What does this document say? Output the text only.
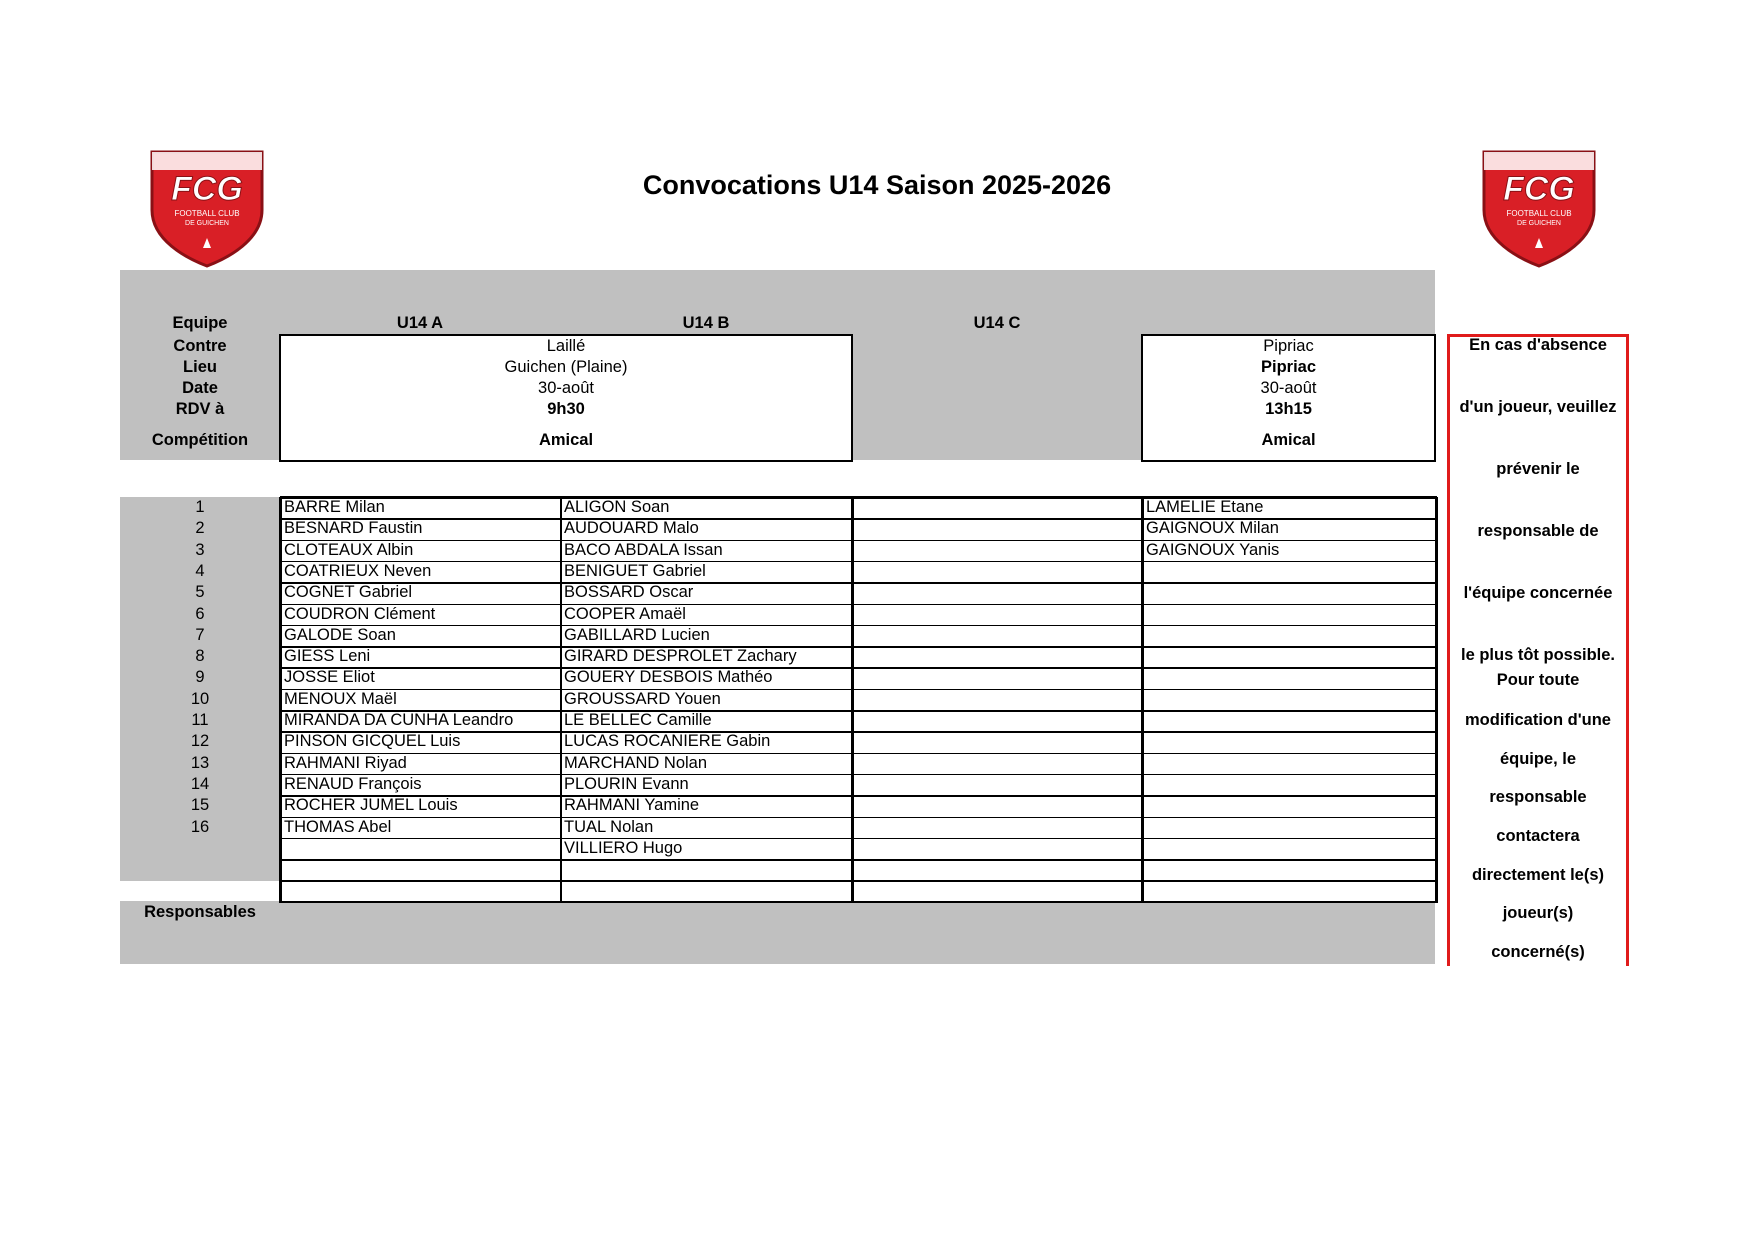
FCG
FOOTBALL CLUB
DE GUICHEN
FCG
FOOTBALL CLUB
DE GUICHEN
Convocations U14 Saison 2025-2026
Equipe
Contre
Lieu
Date
RDV à
Compétition
U14 A	U14 B	U14 C
Laillé
Guichen (Plaine)
30-août
9h30
Amical
Pipriac
Pipriac
30-août
13h15
Amical
1
2
3
4
5
6
7
8
9
10
11
12
13
14
15
16
BARRE Milan
BESNARD Faustin
CLOTEAUX Albin
COATRIEUX Neven
COGNET Gabriel
COUDRON Clément
GALODE Soan
GIESS Leni
JOSSE Eliot
MENOUX Maël
MIRANDA DA CUNHA Leandro
PINSON GICQUEL Luis
RAHMANI Riyad
RENAUD François
ROCHER JUMEL Louis
THOMAS Abel
ALIGON Soan
AUDOUARD Malo
BACO ABDALA Issan
BENIGUET Gabriel
BOSSARD Oscar
COOPER Amaël
GABILLARD Lucien
GIRARD DESPROLET Zachary
GOUERY DESBOIS Mathéo
GROUSSARD Youen
LE BELLEC Camille
LUCAS ROCANIERE Gabin
MARCHAND Nolan
PLOURIN Evann
RAHMANI Yamine
TUAL Nolan
VILLIERO Hugo
LAMELIE Etane
GAIGNOUX Milan
GAIGNOUX Yanis
Responsables
En cas d'absence
d'un joueur, veuillez
prévenir le
responsable de
l'équipe concernée
le plus tôt possible.
Pour toute
modification d'une
équipe, le
responsable
contactera
directement le(s)
joueur(s)
concerné(s)
